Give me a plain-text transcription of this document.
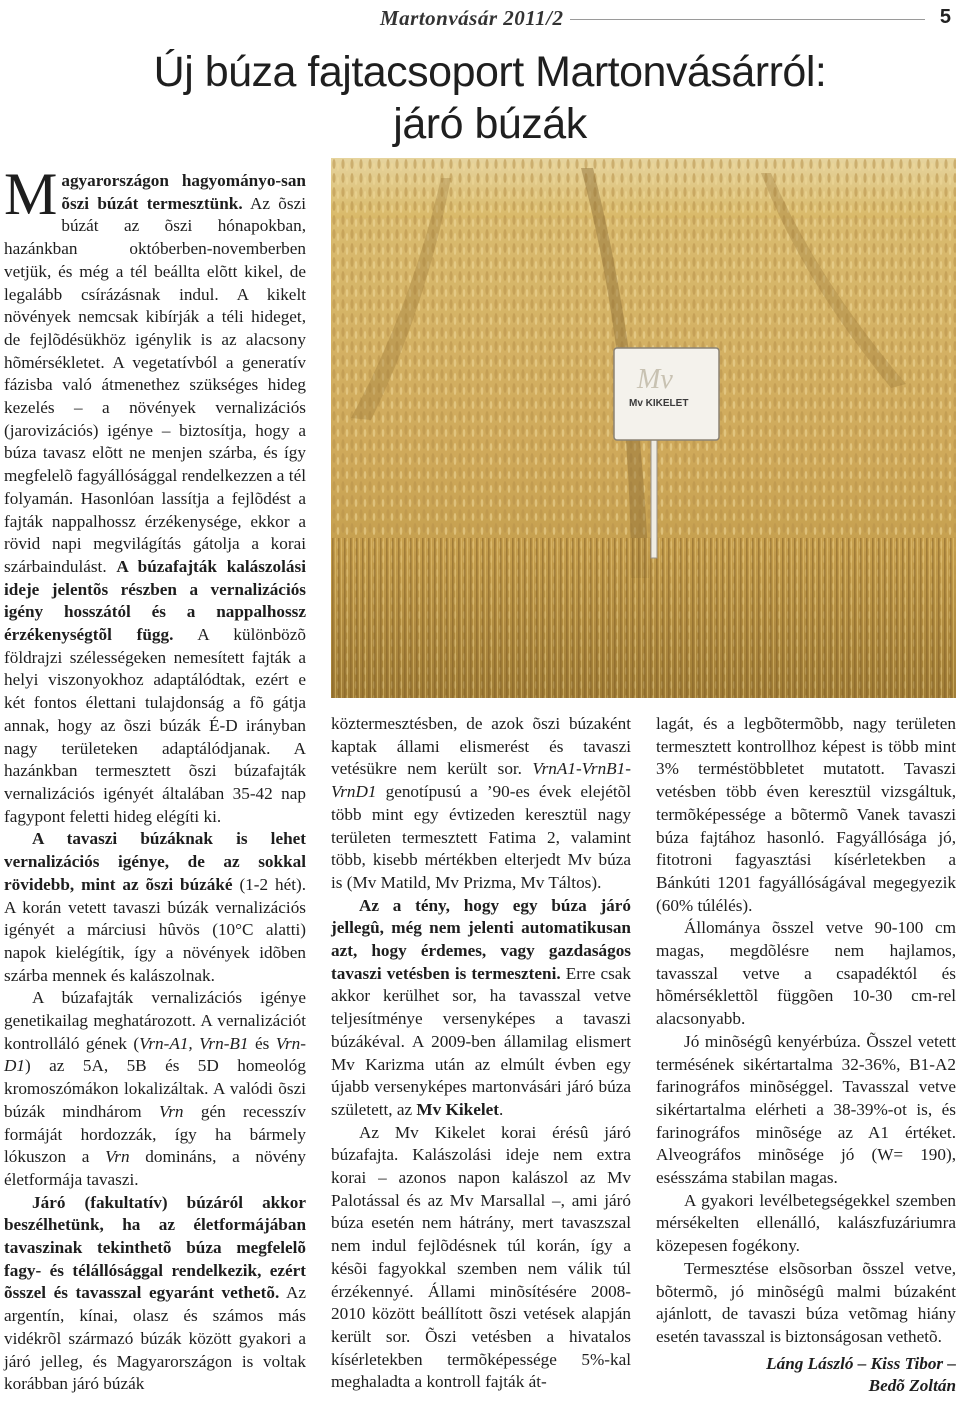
Martonvásár 2011/2	5
Új búza fajtacsoport Martonvásárról:
járó búzák
Mv
Mv KIKELET

Magyarországon hagyományo-san õszi búzát termesztünk. Az õszi búzát az õszi hónapokban, hazánkban októberben-novemberben vetjük, és még a tél beállta elõtt kikel, de legalább csírázásnak indul. A kikelt növények nemcsak kibírják a téli hideget, de fejlõdésükhöz igénylik is az alacsony hõmérsékletet. A vegetatívból a generatív fázisba való átmenethez szükséges hideg kezelés – a növények vernalizációs (jarovizációs) igénye – biztosítja, hogy a búza tavasz elõtt ne menjen szárba, és így megfelelõ fagyállósággal rendelkezzen a tél folyamán. Hasonlóan lassítja a fejlõdést a fajták nappalhossz érzékenysége, ekkor a rövid napi megvilágítás gátolja a korai szárbaindulást. A búzafajták kalászolási ideje jelentõs részben a vernalizációs igény hosszától és a nappalhossz érzékenységtõl függ. A különbözõ földrajzi szélességeken nemesített fajták a helyi viszonyokhoz adaptálódtak, ezért e két fontos élettani tulajdonság a fõ gátja annak, hogy az õszi búzák É-D irányban nagy területeken adaptálódjanak. A hazánkban termesztett õszi búzafajták vernalizációs igényét általában 35-42 nap fagypont feletti hideg elégíti ki.

A tavaszi búzáknak is lehet vernalizációs igénye, de az sokkal rövidebb, mint az õszi búzáké (1-2 hét). A korán vetett tavaszi búzák vernalizációs igényét a márciusi hûvös (10°C alatti) napok kielégítik, így a növények idõben szárba mennek és kalászolnak.

A búzafajták vernalizációs igénye genetikailag meghatározott. A vernalizációt kontrolláló gének (Vrn-A1, Vrn-B1 és Vrn-D1) az 5A, 5B és 5D homeológ kromoszómákon lokalizáltak. A valódi õszi búzák mindhárom Vrn gén recesszív formáját hordozzák, így ha bármely lókuszon a Vrn domináns, a növény életformája tavaszi.

Járó (fakultatív) búzáról akkor beszélhetünk, ha az életformájában tavaszinak tekinthetõ búza megfelelõ fagy- és télállósággal rendelkezik, ezért õsszel és tavasszal egyaránt vethetõ. Az argentín, kínai, olasz és számos más vidékrõl származó búzák között gyakori a járó jelleg, és Magyarországon is voltak korábban járó búzák

köztermesztésben, de azok õszi búzaként kaptak állami elismerést és tavaszi vetésükre nem került sor. VrnA1-VrnB1-VrnD1 genotípusú a ’90-es évek elejétõl több mint egy évtizeden keresztül nagy területen termesztett Fatima 2, valamint több, kisebb mértékben elterjedt Mv búza is (Mv Matild, Mv Prizma, Mv Táltos).

Az a tény, hogy egy búza járó jellegû, még nem jelenti automatikusan azt, hogy érdemes, vagy gazdaságos tavaszi vetésben is termeszteni. Erre csak akkor kerülhet sor, ha tavasszal vetve teljesítménye versenyképes a tavaszi búzákéval. A 2009-ben államilag elismert Mv Karizma után az elmúlt évben egy újabb versenyképes martonvásári járó búza született, az Mv Kikelet.

Az Mv Kikelet korai érésû járó búzafajta. Kalászolási ideje nem extra korai – azonos napon kalászol az Mv Palotással és az Mv Marsallal –, ami járó búza esetén nem hátrány, mert tavaszszal nem indul fejlõdésnek túl korán, így a késõi fagyokkal szemben nem válik túl érzékennyé. Állami minõsítésére 2008-2010 között beállított õszi vetések alapján került sor. Õszi vetésben a hivatalos kísérletekben termõképessége 5%-kal meghaladta a kontroll fajták át-

lagát, és a legbõtermõbb, nagy területen termesztett kontrollhoz képest is több mint 3% terméstöbbletet mutatott. Tavaszi vetésben több éven keresztül vizsgáltuk, termõképessége a bõtermõ Vanek tavaszi búza fajtához hasonló. Fagyállósága jó, fitotroni fagyasztási kísérletekben a Bánkúti 1201 fagyállóságával megegyezik (60% túlélés).

Állománya õsszel vetve 90-100 cm magas, megdõlésre nem hajlamos, tavasszal vetve a csapadéktól és hõmérséklettõl függõen 10-30 cm-rel alacsonyabb.

Jó minõségû kenyérbúza. Õsszel vetett termésének sikértartalma 32-36%, B1-A2 farinográfos minõséggel. Tavasszal vetve sikértartalma elérheti a 38-39%-ot is, és farinográfos minõsége az A1 értéket. Alveográfos minõsége jó (W= 190), esésszáma stabilan magas.

A gyakori levélbetegségekkel szemben mérsékelten ellenálló, kalászfuzáriumra közepesen fogékony.

Termesztése elsõsorban õsszel vetve, bõtermõ, jó minõségû malmi búzaként ajánlott, de tavaszi búza vetõmag hiány esetén tavasszal is biztonságosan vethetõ.

Láng László – Kiss Tibor –
Bedõ Zoltán
